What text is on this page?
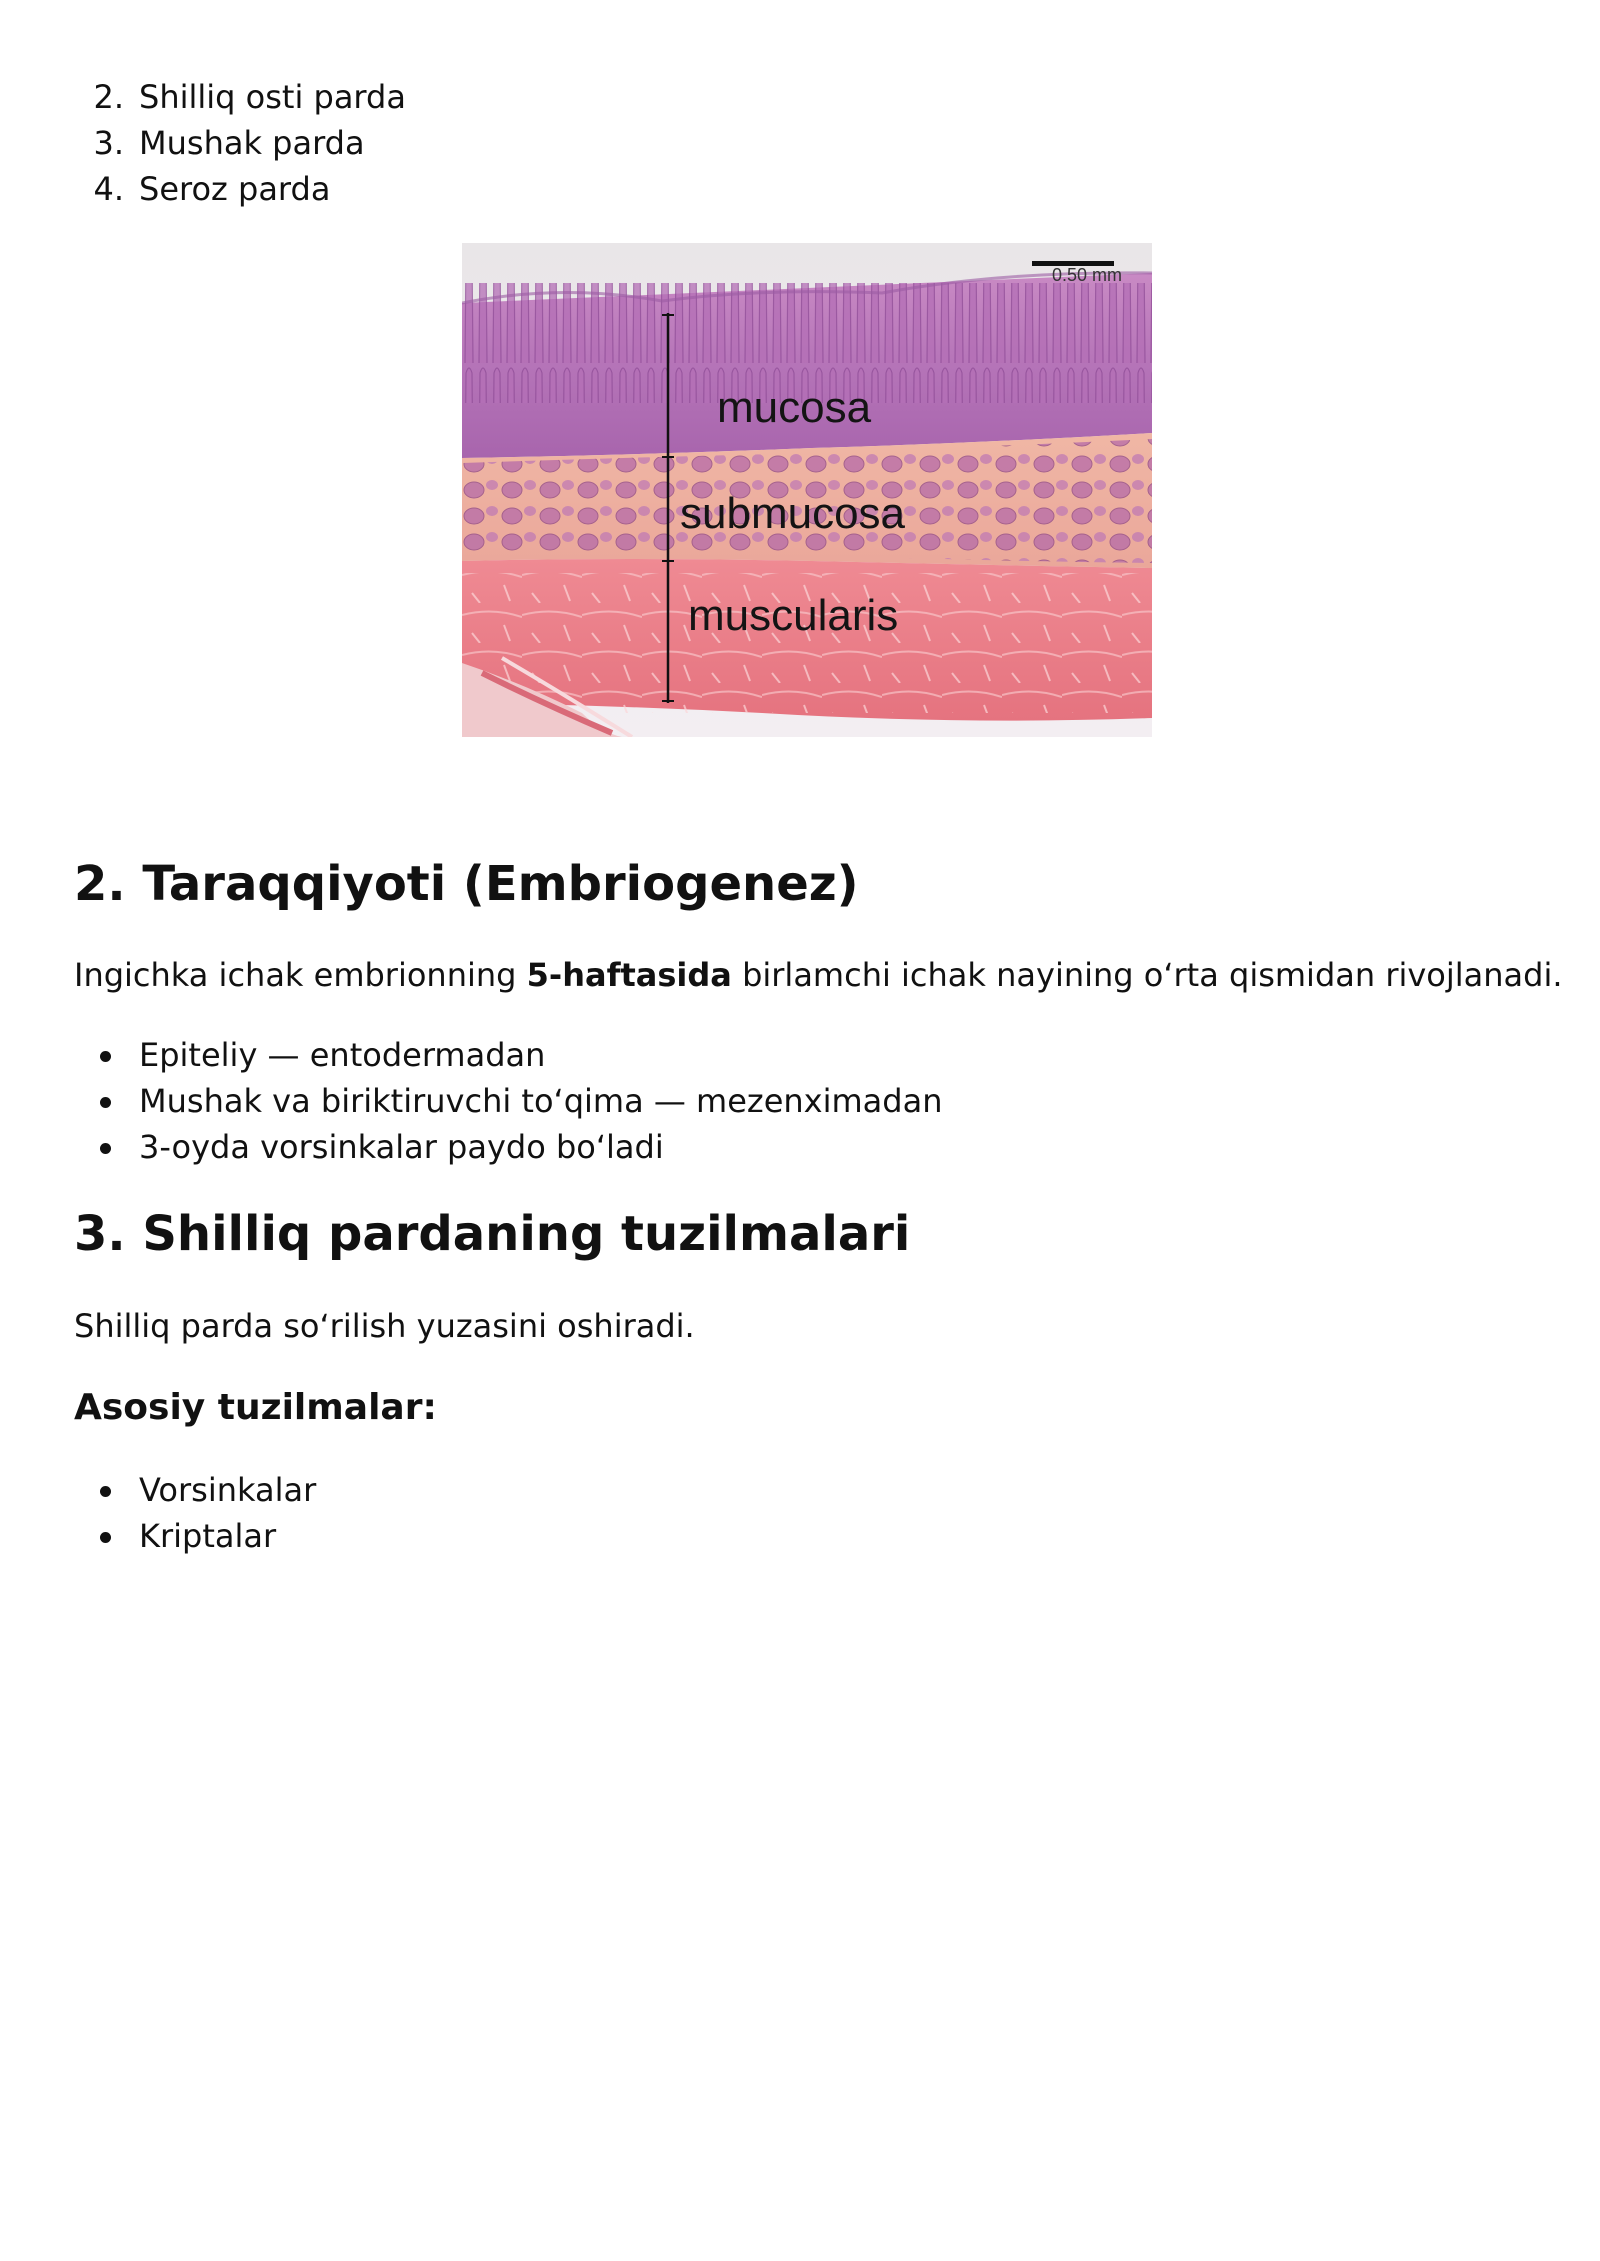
2. Shilliq osti parda
3. Mushak parda
4. Seroz parda
0.50 mm
mucosa
submucosa
muscularis
2. Taraqqiyoti (Embriogenez)

Ingichka ichak embrionning 5-haftasida birlamchi ichak nayining o‘rta qismidan rivojlanadi.

Epiteliy — entodermadan
Mushak va biriktiruvchi to‘qima — mezenximadan
3-oyda vorsinkalar paydo bo‘ladi
3. Shilliq pardaning tuzilmalari

Shilliq parda so‘rilish yuzasini oshiradi.

Asosiy tuzilmalar:
Vorsinkalar
Kriptalar
